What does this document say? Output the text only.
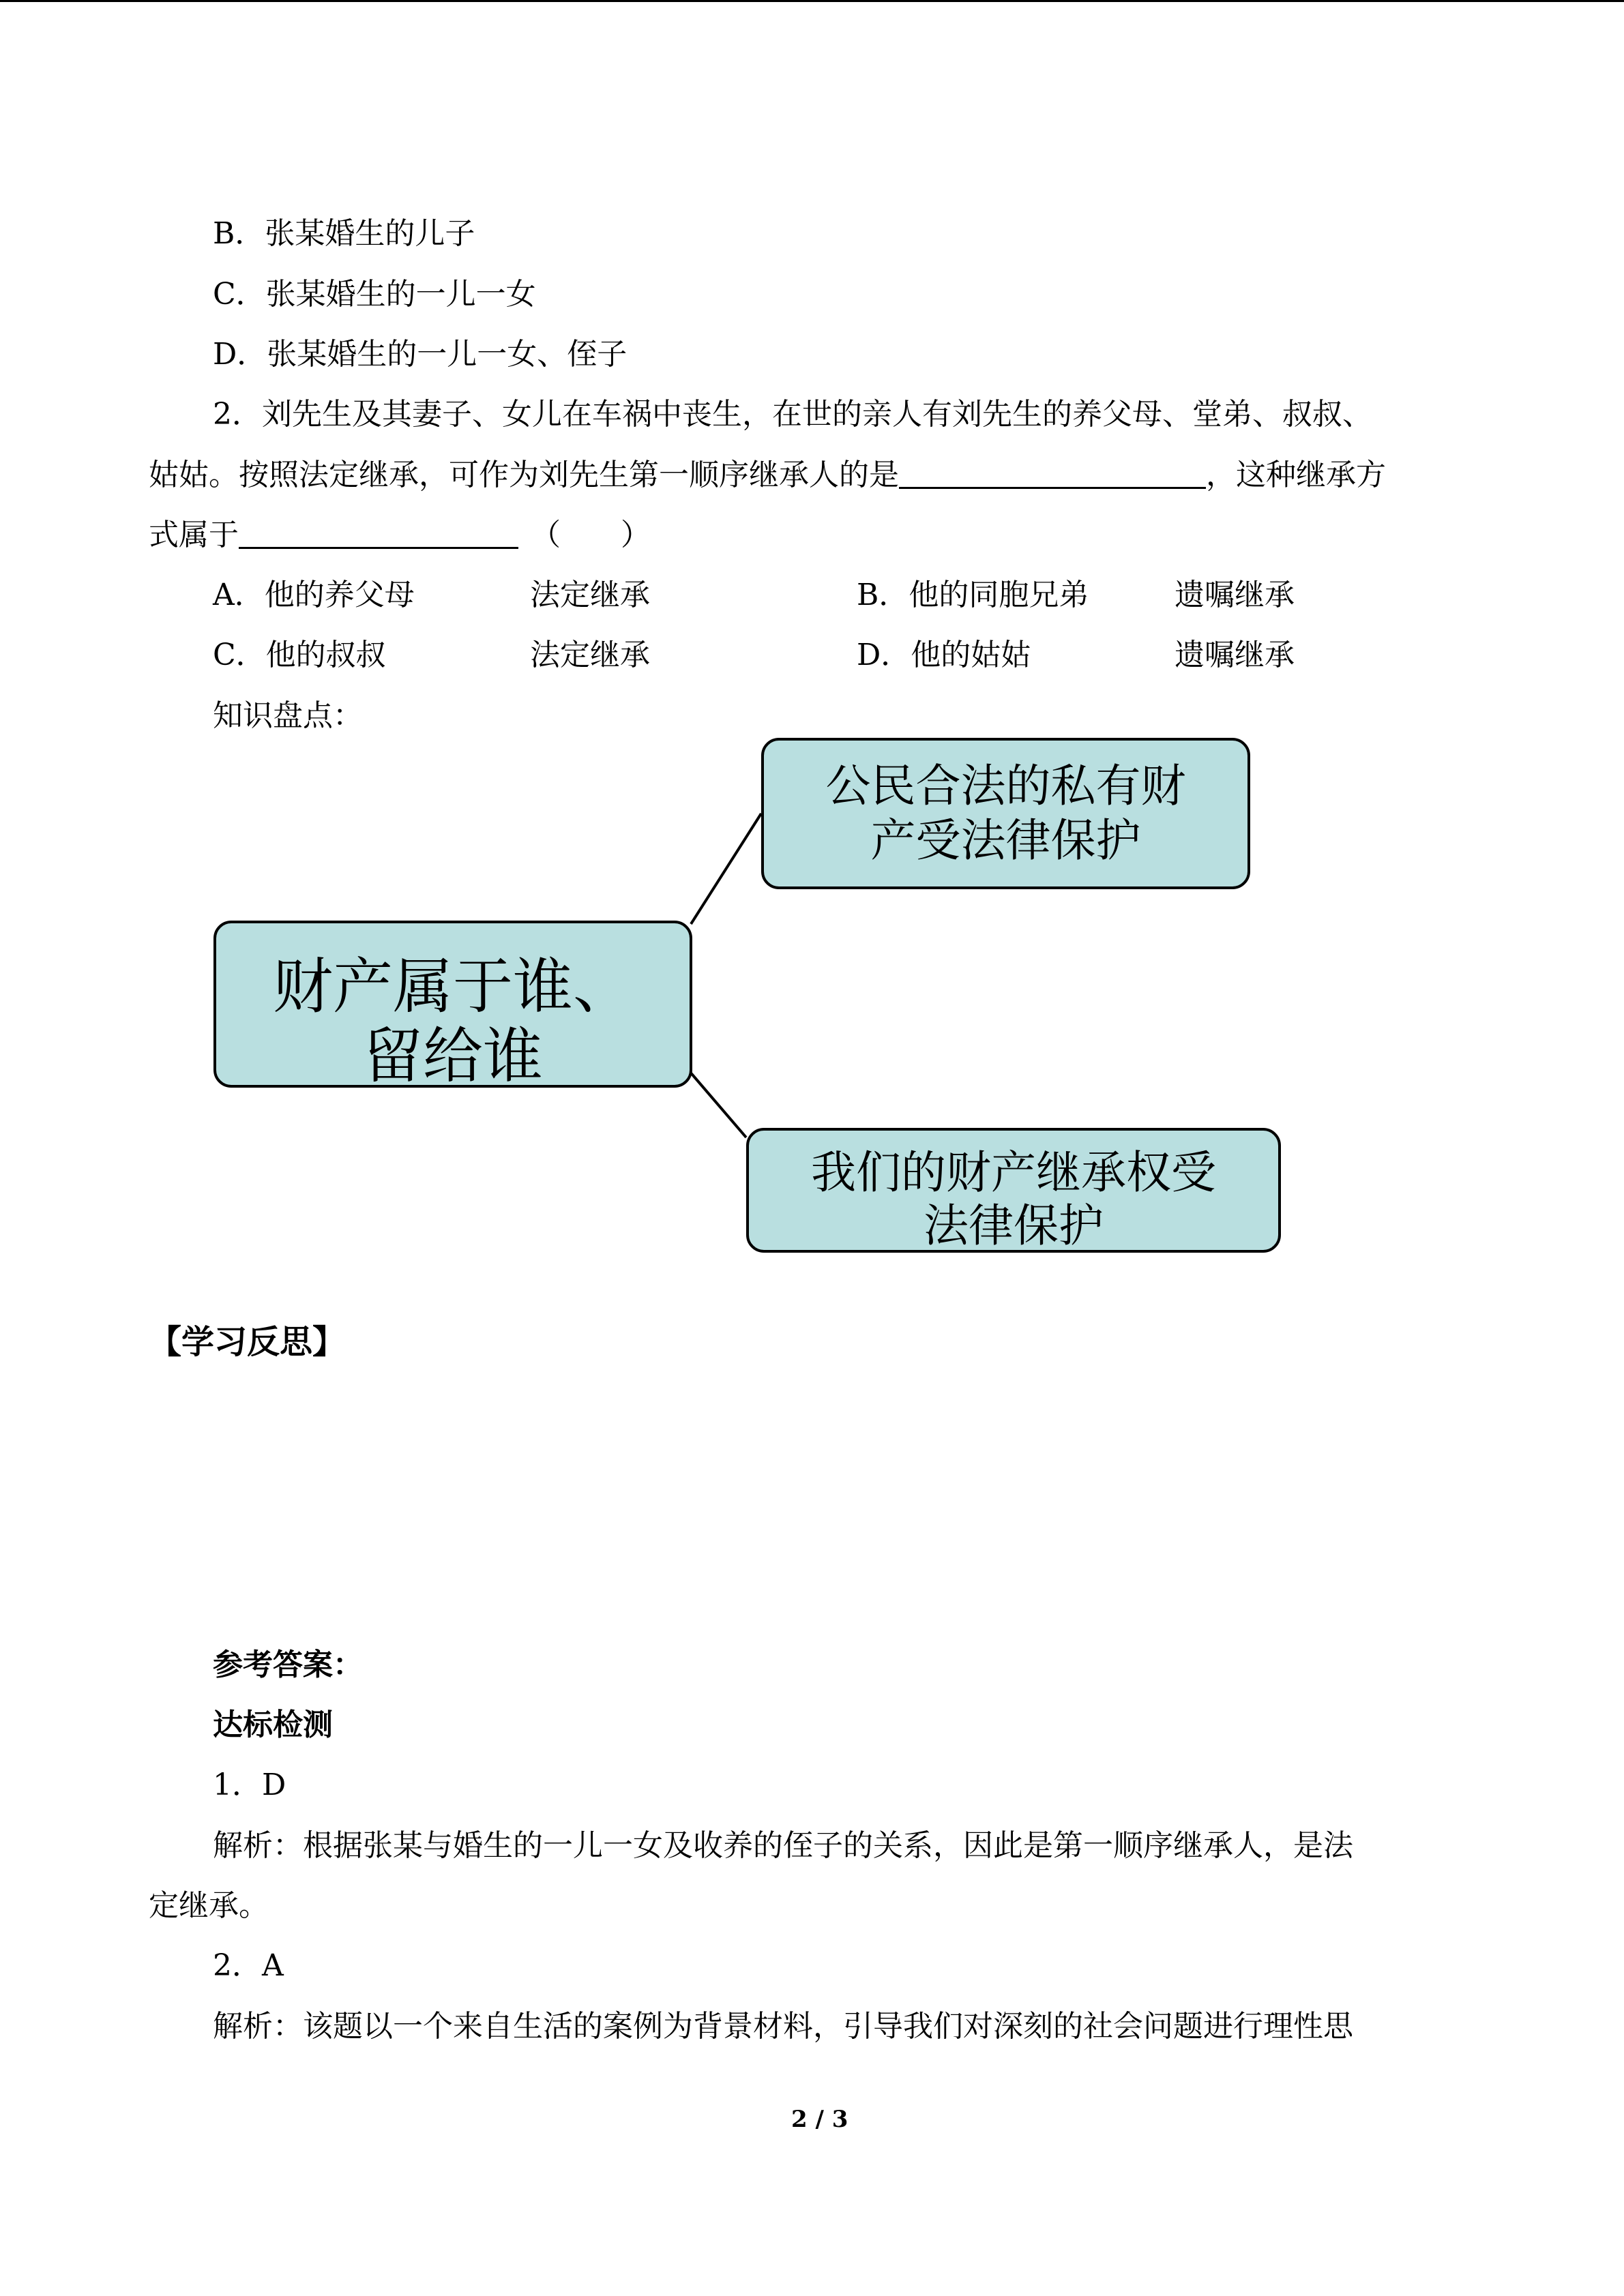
B．张某婚生的儿子
C．张某婚生的一儿一女
D．张某婚生的一儿一女、侄子
2．刘先生及其妻子、女儿在车祸中丧生，在世的亲人有刘先生的养父母、堂弟、叔叔、
姑姑。按照法定继承，可作为刘先生第一顺序继承人的是	，这种继承方
式属于	（　　）
A．他的养父母	法定继承	B．他的同胞兄弟	遗嘱继承
C．他的叔叔	法定继承	D．他的姑姑	遗嘱继承
知识盘点：
公民合法的私有财
产受法律保护
财产属于谁、
留给谁
我们的财产继承权受
法律保护
【学习反思】
参考答案：
达标检测
1．D
解析：根据张某与婚生的一儿一女及收养的侄子的关系，因此是第一顺序继承人，是法
定继承。
2．A
解析：该题以一个来自生活的案例为背景材料，引导我们对深刻的社会问题进行理性思
2 / 3
